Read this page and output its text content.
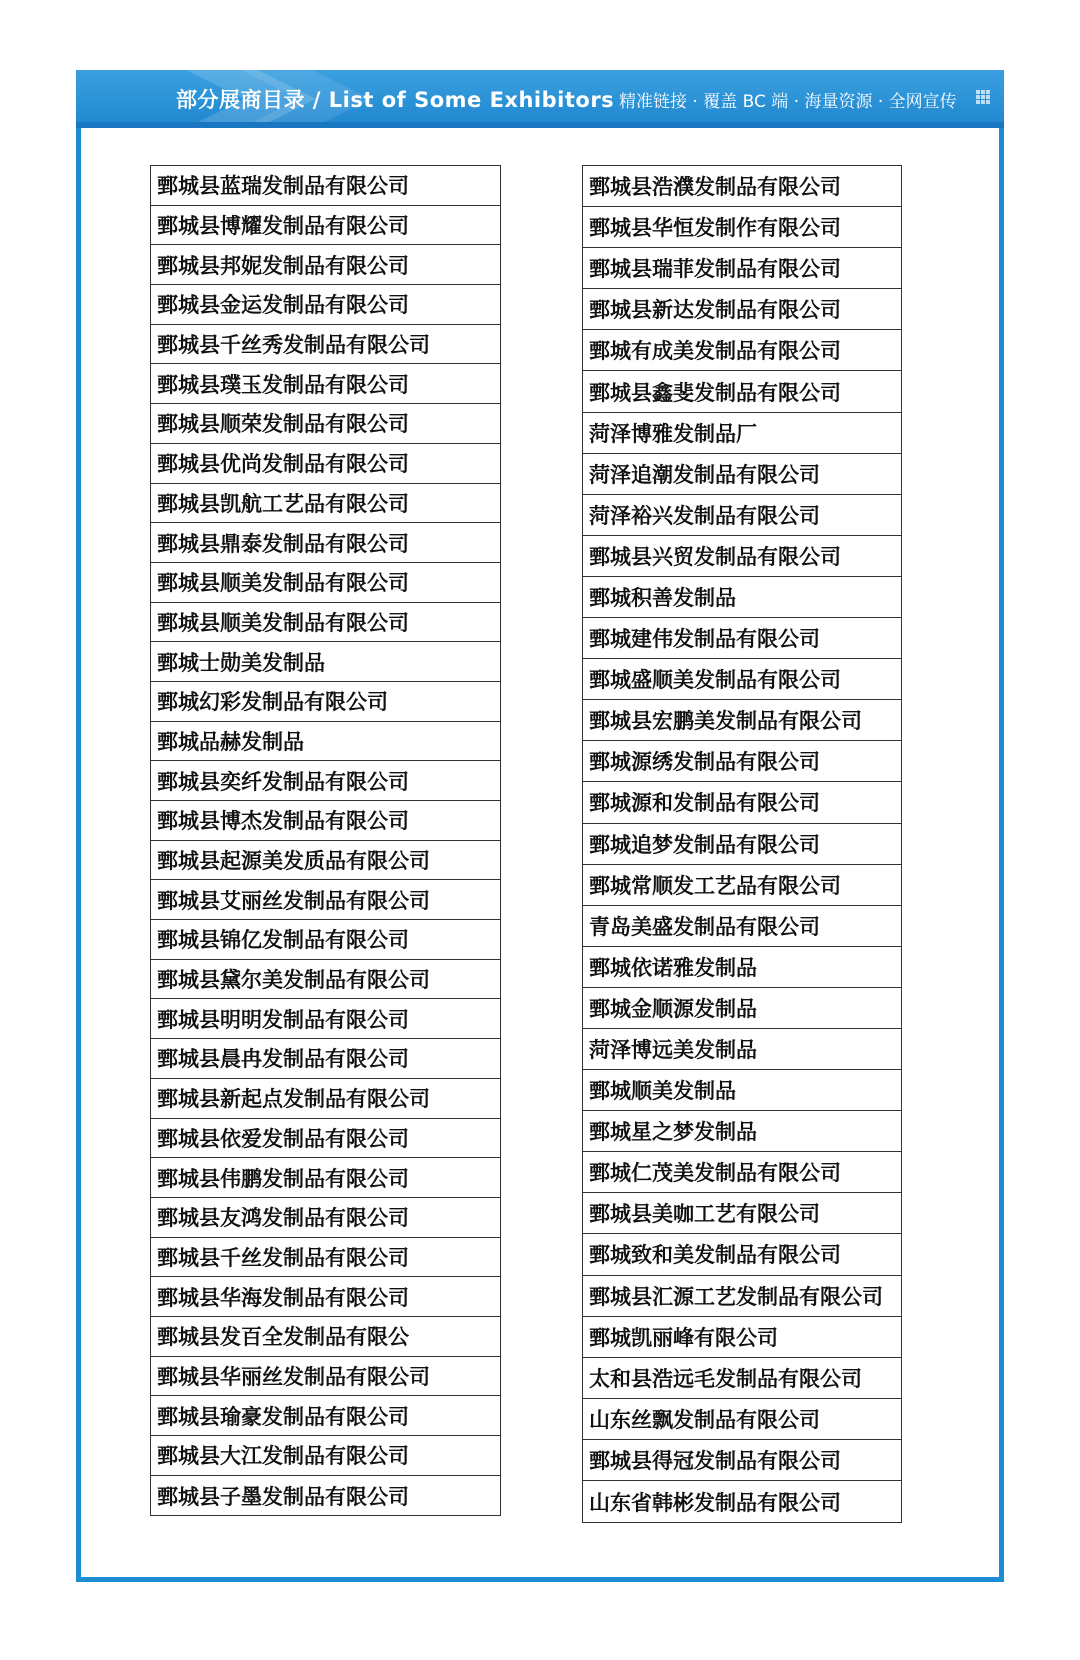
部分展商目录 / List of Some Exhibitors 精准链接 · 覆盖 BC 端 · 海量资源 · 全网宣传
鄄城县蓝瑞发制品有限公司
鄄城县博耀发制品有限公司
鄄城县邦妮发制品有限公司
鄄城县金运发制品有限公司
鄄城县千丝秀发制品有限公司
鄄城县璞玉发制品有限公司
鄄城县顺荣发制品有限公司
鄄城县优尚发制品有限公司
鄄城县凯航工艺品有限公司
鄄城县鼎泰发制品有限公司
鄄城县顺美发制品有限公司
鄄城县顺美发制品有限公司
鄄城士勋美发制品
鄄城幻彩发制品有限公司
鄄城品赫发制品
鄄城县奕纤发制品有限公司
鄄城县博杰发制品有限公司
鄄城县起源美发质品有限公司
鄄城县艾丽丝发制品有限公司
鄄城县锦亿发制品有限公司
鄄城县黛尔美发制品有限公司
鄄城县明明发制品有限公司
鄄城县晨冉发制品有限公司
鄄城县新起点发制品有限公司
鄄城县依爱发制品有限公司
鄄城县伟鹏发制品有限公司
鄄城县友鸿发制品有限公司
鄄城县千丝发制品有限公司
鄄城县华海发制品有限公司
鄄城县发百全发制品有限公
鄄城县华丽丝发制品有限公司
鄄城县瑜豪发制品有限公司
鄄城县大江发制品有限公司
鄄城县子墨发制品有限公司
鄄城县浩濮发制品有限公司
鄄城县华恒发制作有限公司
鄄城县瑞菲发制品有限公司
鄄城县新达发制品有限公司
鄄城有成美发制品有限公司
鄄城县鑫斐发制品有限公司
菏泽博雅发制品厂
菏泽追潮发制品有限公司
菏泽裕兴发制品有限公司
鄄城县兴贸发制品有限公司
鄄城积善发制品
鄄城建伟发制品有限公司
鄄城盛顺美发制品有限公司
鄄城县宏鹏美发制品有限公司
鄄城源绣发制品有限公司
鄄城源和发制品有限公司
鄄城追梦发制品有限公司
鄄城常顺发工艺品有限公司
青岛美盛发制品有限公司
鄄城依诺雅发制品
鄄城金顺源发制品
菏泽博远美发制品
鄄城顺美发制品
鄄城星之梦发制品
鄄城仁茂美发制品有限公司
鄄城县美咖工艺有限公司
鄄城致和美发制品有限公司
鄄城县汇源工艺发制品有限公司
鄄城凯丽峰有限公司
太和县浩远毛发制品有限公司
山东丝飘发制品有限公司
鄄城县得冠发制品有限公司
山东省韩彬发制品有限公司
